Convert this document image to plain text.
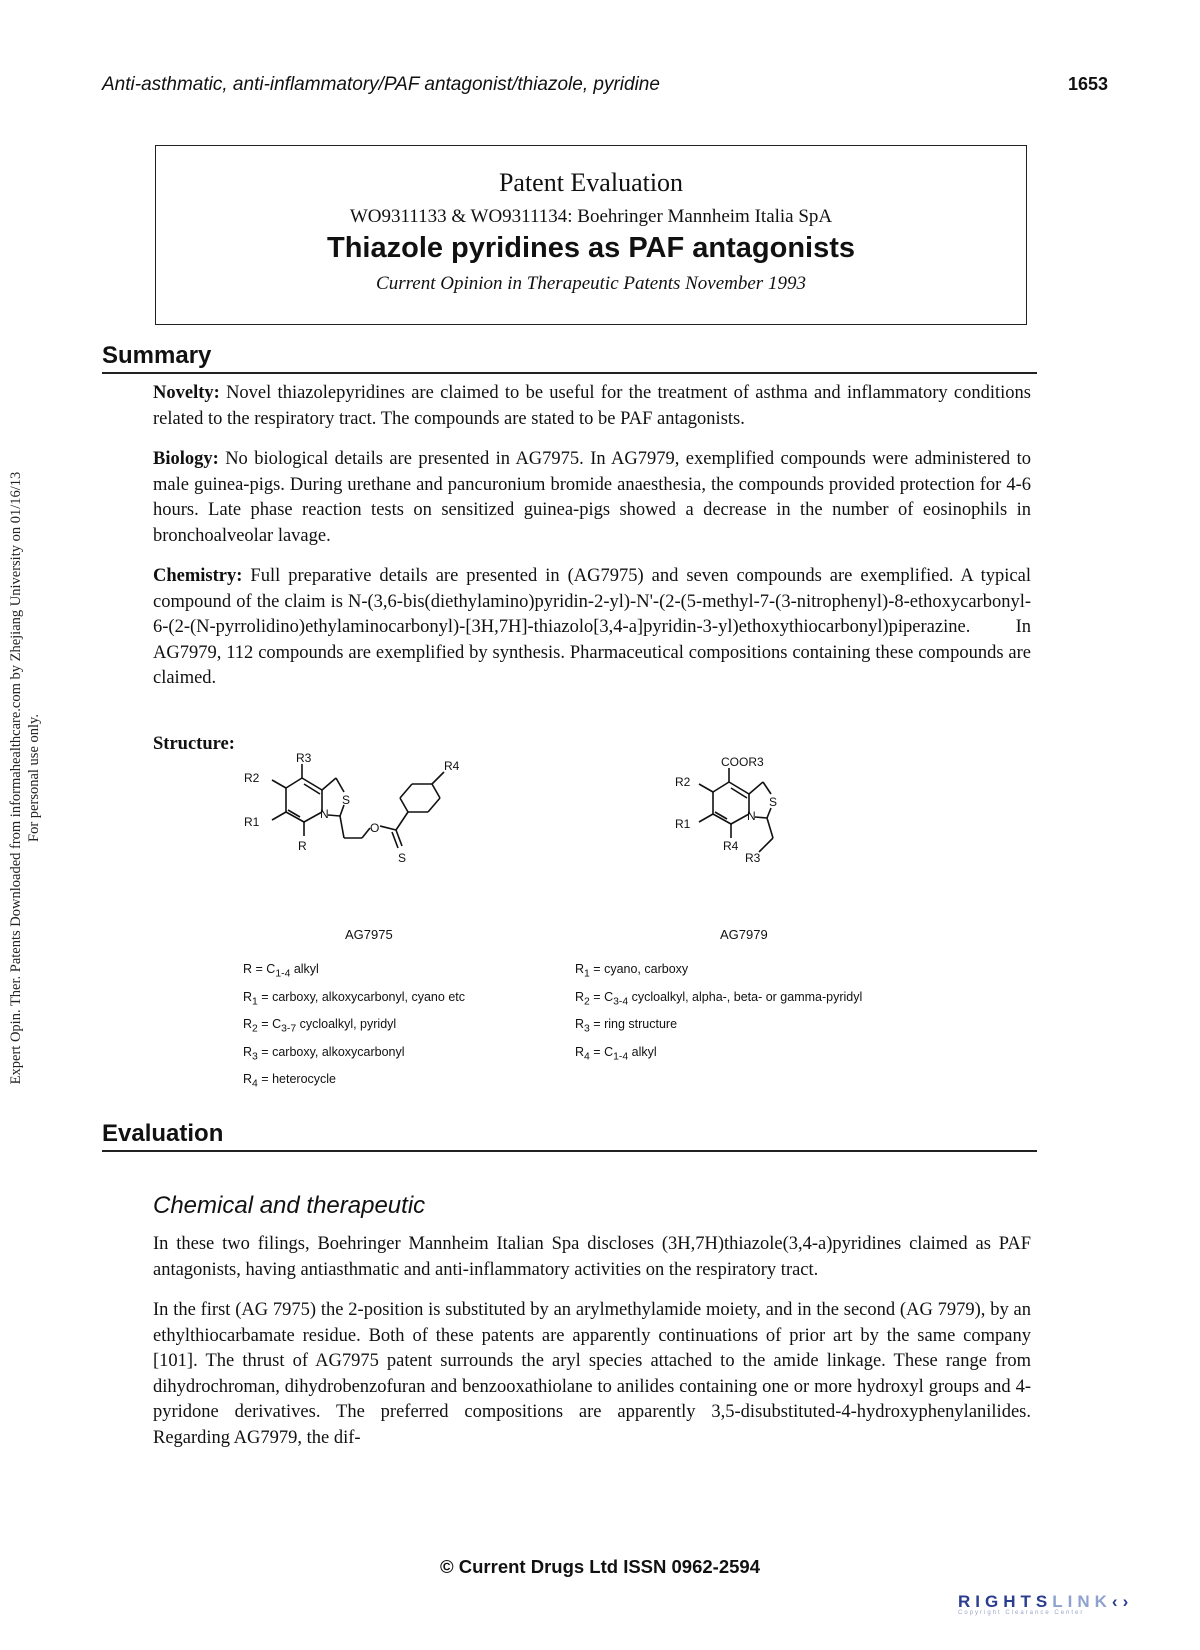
Anti-asthmatic, anti-inflammatory/PAF antagonist/thiazole, pyridine	1653
Expert Opin. Ther. Patents Downloaded from informahealthcare.com by Zhejiang University on 01/16/13 For personal use only.
Patent Evaluation
WO9311133 & WO9311134: Boehringer Mannheim Italia SpA
Thiazole pyridines as PAF antagonists
Current Opinion in Therapeutic Patents November 1993
Summary

Novelty: Novel thiazolepyridines are claimed to be useful for the treatment of asthma and inflammatory conditions related to the respiratory tract. The compounds are stated to be PAF antagonists.

Biology: No biological details are presented in AG7975. In AG7979, exemplified compounds were administered to male guinea-pigs. During urethane and pancuronium bromide anaesthesia, the compounds provided protection for 4-6 hours. Late phase reaction tests on sensitized guinea-pigs showed a decrease in the number of eosinophils in bronchoalveolar lavage.

Chemistry: Full preparative details are presented in (AG7975) and seven compounds are exemplified. A typical compound of the claim is N-(3,6-bis(diethylamino)pyridin-2-yl)-N'-(2-(5-methyl-7-(3-nitrophenyl)-8-ethoxycarbonyl-6-(2-(N-pyrrolidino)ethylaminocarbonyl)-[3H,7H]-thiazolo[3,4-a]pyridin-3-yl)ethoxythiocarbonyl)piperazine. In AG7979, 112 compounds are exemplified by synthesis. Pharmaceutical compositions containing these compounds are claimed.

Structure:
R3
R2
R1
R
N
S
O
S
R4
AG7975
COOR3
R2
R1
R4
R3
N
S
AG7979
$R = C_{1-4}$ alkyl
$R_1$ = carboxy, alkoxycarbonyl, cyano etc
$R_2 = C_{3-7}$ cycloalkyl, pyridyl
$R_3$ = carboxy, alkoxycarbonyl
$R_4$ = heterocycle
$R_1$ = cyano, carboxy
$R_2 = C_{3-4}$ cycloalkyl, alpha-, beta- or gamma-pyridyl
$R_3$ = ring structure
$R_4 = C_{1-4}$ alkyl
Evaluation
Chemical and therapeutic

In these two filings, Boehringer Mannheim Italian Spa discloses (3H,7H)thiazole(3,4-a)pyridines claimed as PAF antagonists, having antiasthmatic and anti-inflammatory activities on the respiratory tract.

In the first (AG 7975) the 2-position is substituted by an arylmethylamide moiety, and in the second (AG 7979), by an ethylthiocarbamate residue. Both of these patents are apparently continuations of prior art by the same company [101]. The thrust of AG7975 patent surrounds the aryl species attached to the amide linkage. These range from dihydrochroman, dihydrobenzofuran and benzooxathiolane to anilides containing one or more hydroxyl groups and 4-pyridone derivatives. The preferred compositions are apparently 3,5-disubstituted-4-hydroxyphenylanilides. Regarding AG7979, the dif-

© Current Drugs Ltd ISSN 0962-2594
RIGHTSLINK‹›
Copyright Clearance Center
